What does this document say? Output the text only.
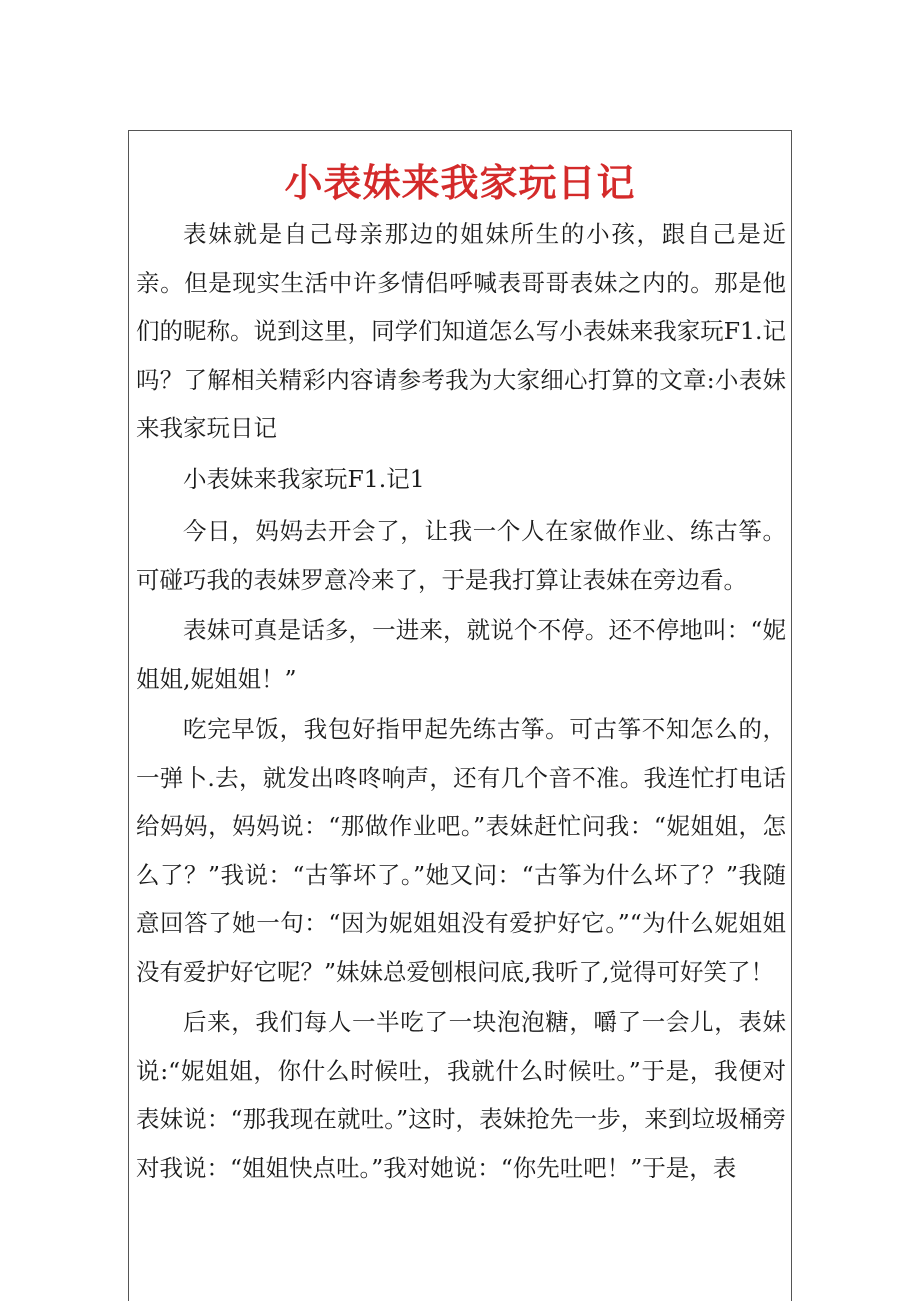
小表妹来我家玩日记

表妹就是自己母亲那边的姐妹所生的小孩，跟自己是近亲。但是现实生活中许多情侣呼喊表哥哥表妹之内的。那是他们的昵称。说到这里，同学们知道怎么写小表妹来我家玩F1.记吗？了解相关精彩内容请参考我为大家细心打算的文章:小表妹来我家玩日记

小表妹来我家玩F1.记1

今日，妈妈去开会了，让我一个人在家做作业、练古筝。可碰巧我的表妹罗意冷来了，于是我打算让表妹在旁边看。

表妹可真是话多，一进来，就说个不停。还不停地叫：“妮姐姐,妮姐姐！”

吃完早饭，我包好指甲起先练古筝。可古筝不知怎么的，一弹卜.去，就发出咚咚响声，还有几个音不准。我连忙打电话给妈妈，妈妈说：“那做作业吧。”表妹赶忙问我：“妮姐姐，怎么了？”我说：“古筝坏了。”她又问：“古筝为什么坏了？”我随意回答了她一句：“因为妮姐姐没有爱护好它。”“为什么妮姐姐没有爱护好它呢？”妹妹总爱刨根问底,我听了,觉得可好笑了！

后来，我们每人一半吃了一块泡泡糖，嚼了一会儿，表妹说:“妮姐姐，你什么时候吐，我就什么时候吐。”于是，我便对表妹说：“那我现在就吐。”这时，表妹抢先一步，来到垃圾桶旁对我说：“姐姐快点吐。”我对她说：“你先吐吧！”于是，表
